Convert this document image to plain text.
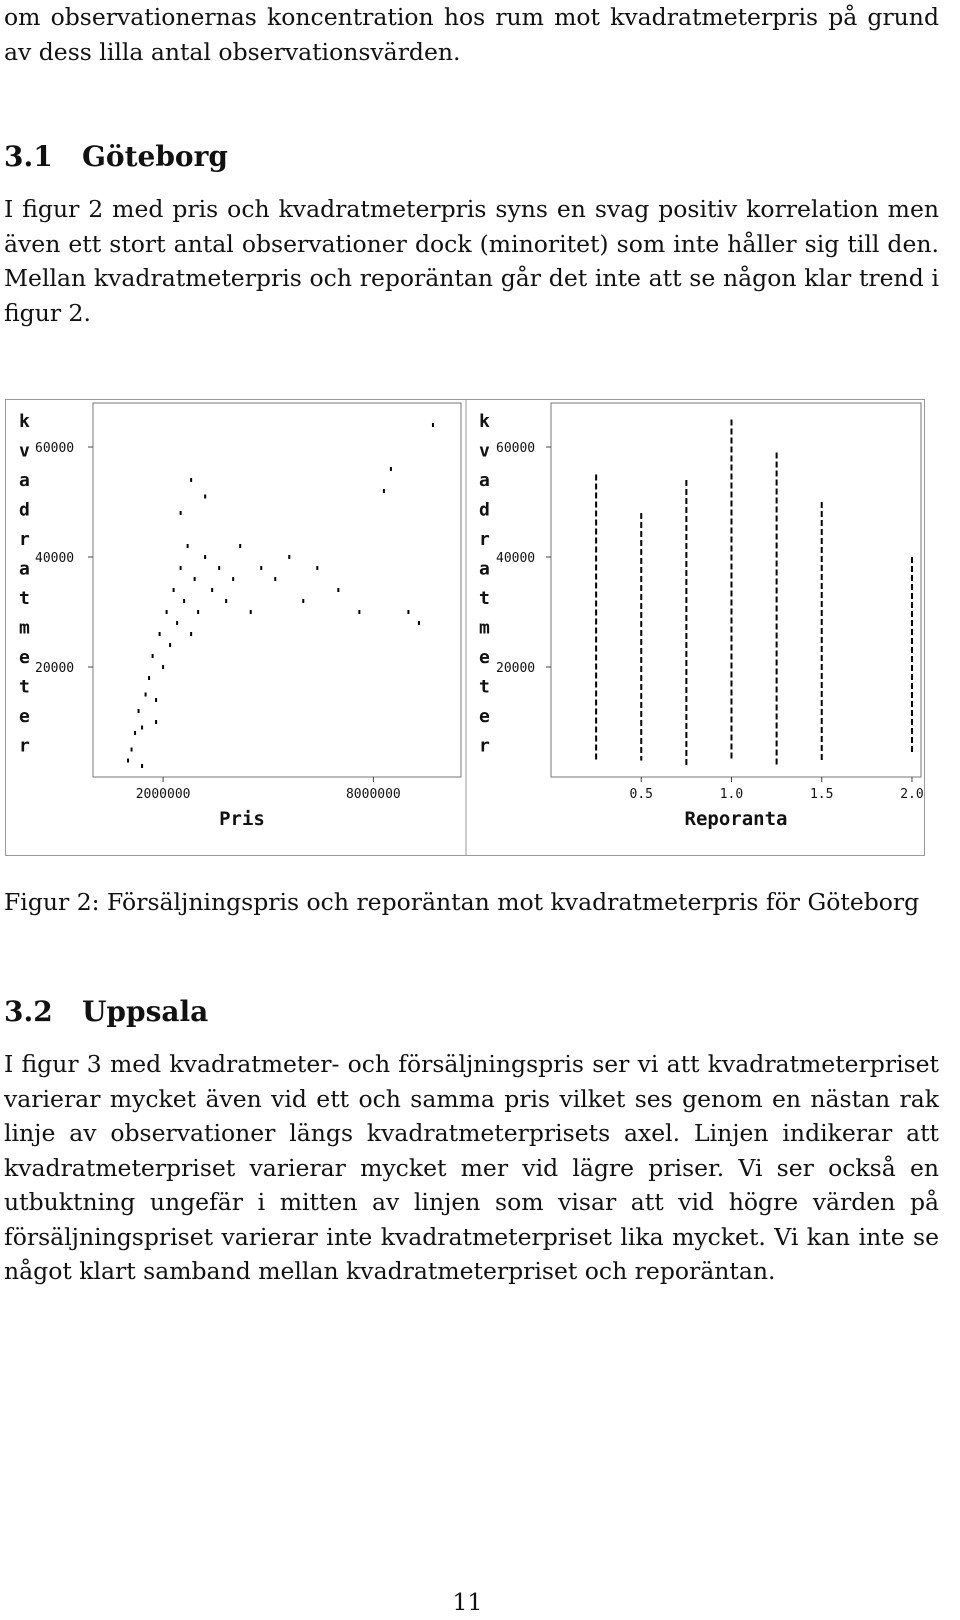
om observationernas koncentration hos rum mot kvadratmeterpris på grund av dess lilla antal observationsvärden.

3.1 Göteborg

I figur 2 med pris och kvadratmeterpris syns en svag positiv korrelation men även ett stort antal observationer dock (minoritet) som inte håller sig till den. Mellan kvadratmeterpris och reporäntan går det inte att se någon klar trend i figur 2.

k
v
a
d
r
a
t
m
e
t
e
r
20000
40000
60000
2000000	8000000
Pris
k
v
a
d
r
a
t
m
e
t
e
r
20000
40000
60000
0.5	1.0	1.5	2.0
Reporanta

Figur 2: Försäljningspris och reporäntan mot kvadratmeterpris för Göteborg

3.2 Uppsala

I figur 3 med kvadratmeter- och försäljningspris ser vi att kvadratmeterpriset varierar mycket även vid ett och samma pris vilket ses genom en nästan rak linje av observationer längs kvadratmeterprisets axel. Linjen indikerar att kvadratmeterpriset varierar mycket mer vid lägre priser. Vi ser också en utbuktning ungefär i mitten av linjen som visar att vid högre värden på försäljningspriset varierar inte kvadratmeterpriset lika mycket. Vi kan inte se något klart samband mellan kvadratmeterpriset och reporäntan.

11
